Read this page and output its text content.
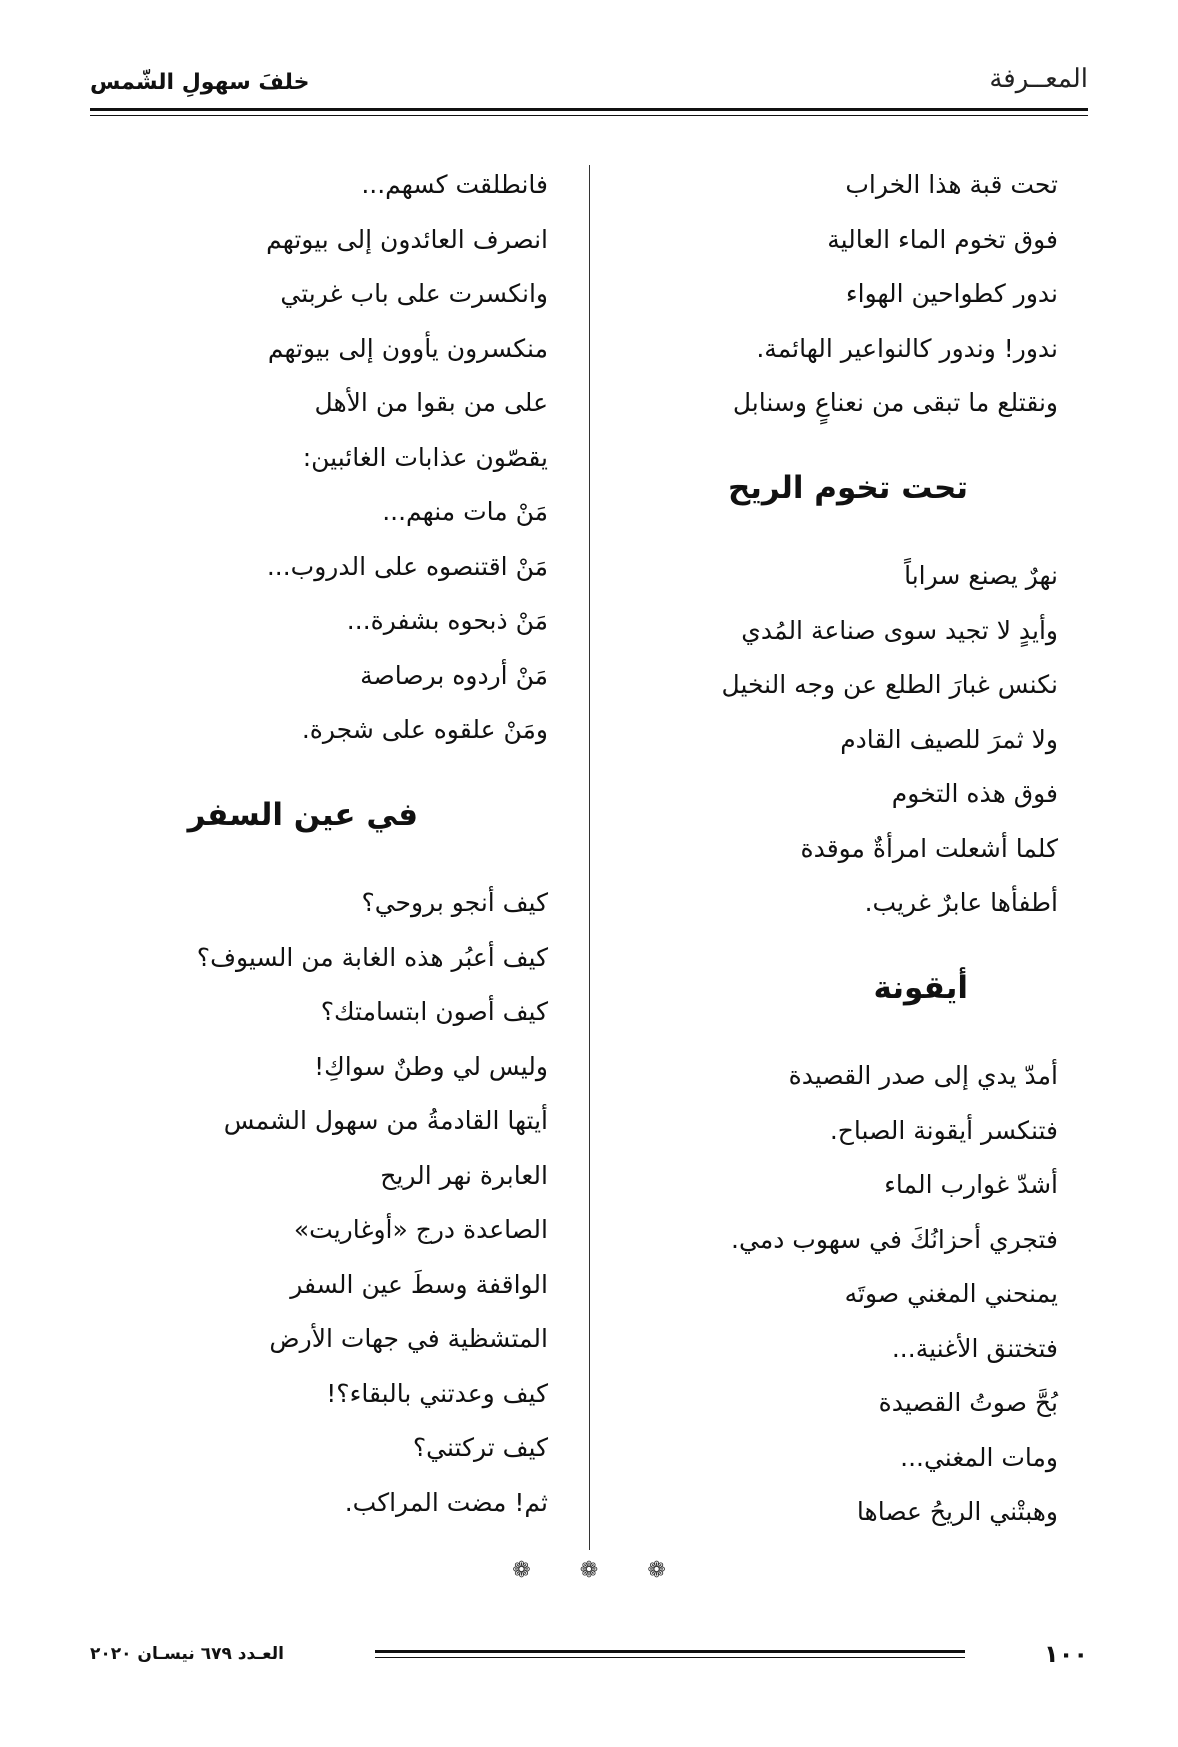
المعــرفة
خلفَ سهولِ الشّمس
تحت قبة هذا الخراب
فوق تخوم الماء العالية
ندور كطواحين الهواء
ندور! وندور كالنواعير الهائمة.
ونقتلع ما تبقى من نعناعٍ وسنابل
تحت تخوم الريح
نهرٌ يصنع سراباً
وأيدٍ لا تجيد سوى صناعة المُدي
نكنس غبارَ الطلع عن وجه النخيل
ولا ثمرَ للصيف القادم
فوق هذه التخوم
كلما أشعلت امرأةٌ موقدة
أطفأها عابرٌ غريب.
أيقونة
أمدّ يدي إلى صدر القصيدة
فتنكسر أيقونة الصباح.
أشدّ غوارب الماء
فتجري أحزانُكَ في سهوب دمي.
يمنحني المغني صوتَه
فتختنق الأغنية...
بُحَّ صوتُ القصيدة
ومات المغني...
وهبتْني الريحُ عصاها
فانطلقت كسهم...
انصرف العائدون إلى بيوتهم
وانكسرت على باب غربتي
منكسرون يأوون إلى بيوتهم
على من بقوا من الأهل
يقصّون عذابات الغائبين:
مَنْ مات منهم...
مَنْ اقتنصوه على الدروب...
مَنْ ذبحوه بشفرة...
مَنْ أردوه برصاصة
ومَنْ علقوه على شجرة.
في عين السفر
كيف أنجو بروحي؟
كيف أعبُر هذه الغابة من السيوف؟
كيف أصون ابتسامتك؟
وليس لي وطنٌ سواكِ!
أيتها القادمةُ من سهول الشمس
العابرة نهر الريح
الصاعدة درج «أوغاريت»
الواقفة وسطَ عين السفر
المتشظية في جهات الأرض
كيف وعدتني بالبقاء؟!
كيف تركتني؟
ثم! مضت المراكب.
❁ ❁ ❁
١٠٠
العـدد ٦٧٩ نيسـان ٢٠٢٠
